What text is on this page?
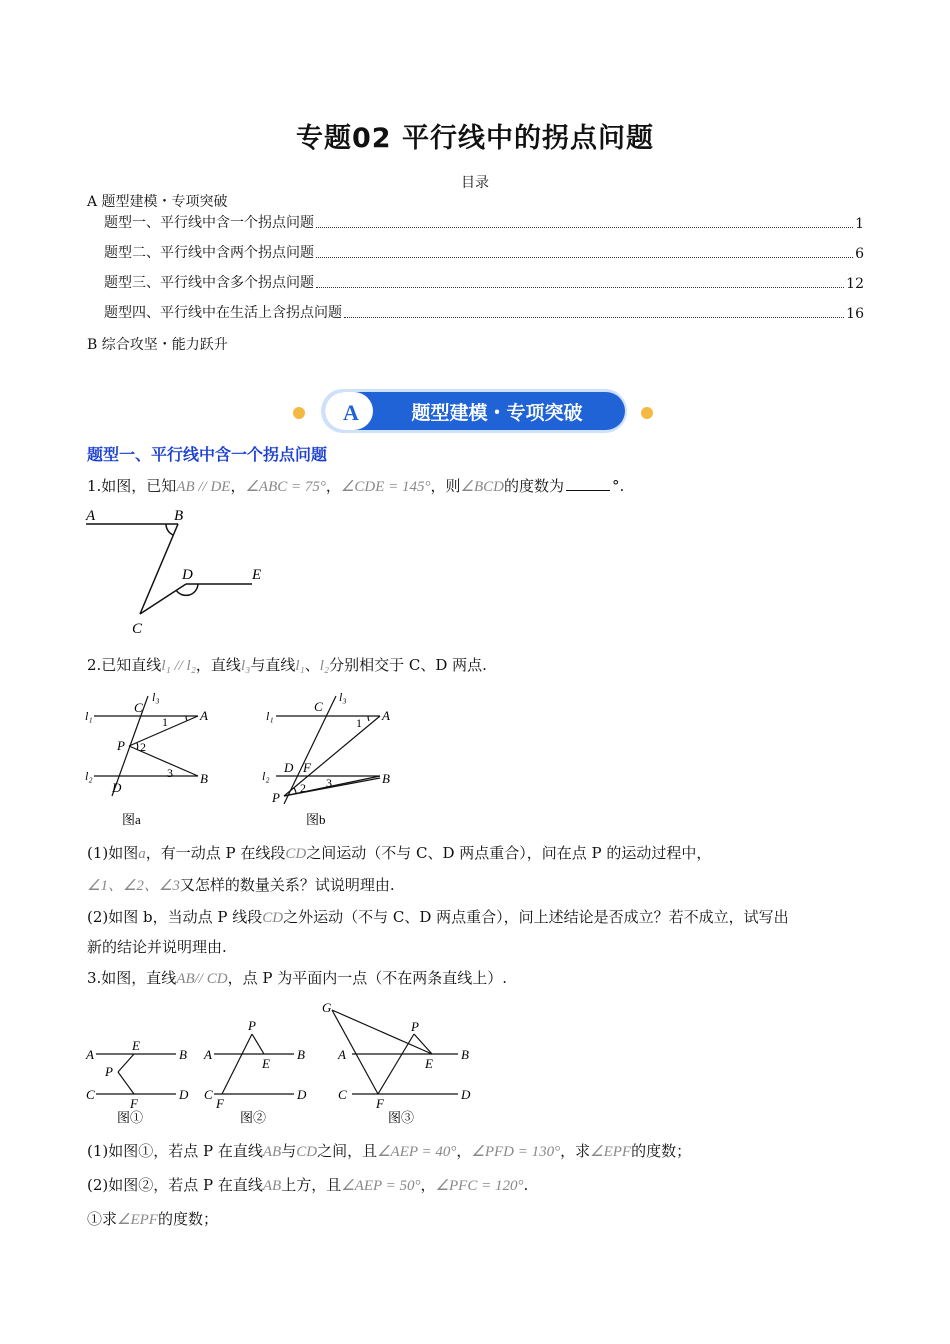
专题02 平行线中的拐点问题
目录
A 题型建模・专项突破
题型一、平行线中含一个拐点问题	1
题型二、平行线中含两个拐点问题	6
题型三、平行线中含多个拐点问题	12
题型四、平行线中在生活上含拐点问题	16
B 综合攻坚・能力跃升
A	题型建模・专项突破
题型一、平行线中含一个拐点问题
1.如图，已知AB // DE，∠ABC = 75°，∠CDE = 145°，则∠BCD的度数为	°.
A	B
C
D	E
2.已知直线l₁ // l₂，直线l₃与直线l₁、l₂分别相交于 C、D 两点.
l₁
l₂
l₃
C
D
A
B
P
1
2
3
图a
l₁
l₂
l₃
C
D F
A
B
P
1
2 3
图b
(1)如图a，有一动点 P 在线段CD之间运动（不与 C、D 两点重合），问在点 P 的运动过程中，
∠1、∠2、∠3又怎样的数量关系？试说明理由.
(2)如图 b，当动点 P 线段CD之外运动（不与 C、D 两点重合），问上述结论是否成立？若不成立，试写出
新的结论并说明理由.
3.如图，直线AB// CD，点 P 为平面内一点（不在两条直线上）.
A	B
C	D
E
F
P
图①
A	B
C	D
E
F
P
图②
A	B
C	D
E
F
P
G
图③
(1)如图①，若点 P 在直线AB与CD之间，且∠AEP = 40°，∠PFD = 130°，求∠EPF的度数；
(2)如图②，若点 P 在直线AB上方，且∠AEP = 50°，∠PFC = 120°.
①求∠EPF的度数；
